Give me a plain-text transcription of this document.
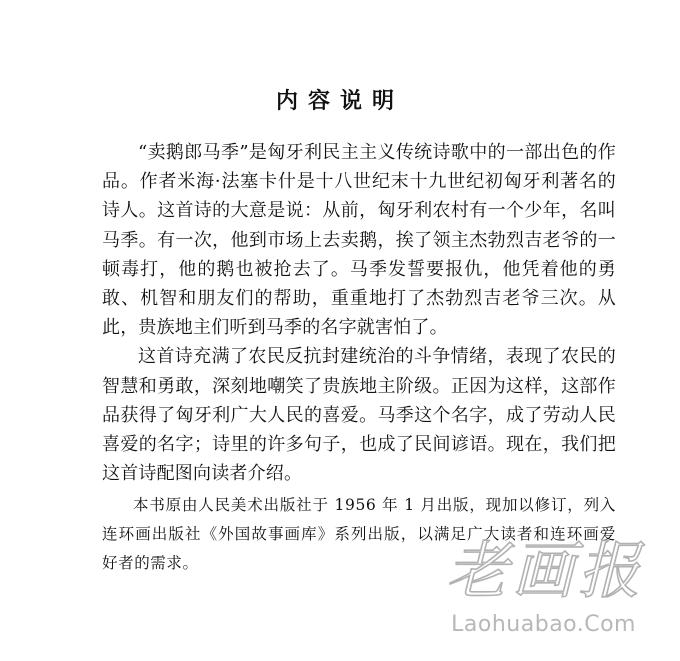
内容说明

“卖鹅郎马季”是匈牙利民主主义传统诗歌中的一部出色的作品。作者米海·法塞卡什是十八世纪末十九世纪初匈牙利著名的诗人。这首诗的大意是说：从前，匈牙利农村有一个少年，名叫马季。有一次，他到市场上去卖鹅，挨了领主杰勃烈吉老爷的一顿毒打，他的鹅也被抢去了。马季发誓要报仇，他凭着他的勇敢、机智和朋友们的帮助，重重地打了杰勃烈吉老爷三次。从此，贵族地主们听到马季的名字就害怕了。

这首诗充满了农民反抗封建统治的斗争情绪，表现了农民的智慧和勇敢，深刻地嘲笑了贵族地主阶级。正因为这样，这部作品获得了匈牙利广大人民的喜爱。马季这个名字，成了劳动人民喜爱的名字；诗里的许多句子，也成了民间谚语。现在，我们把这首诗配图向读者介绍。

本书原由人民美术出版社于 1956 年 1 月出版，现加以修订，列入连环画出版社《外国故事画库》系列出版，以满足广大读者和连环画爱好者的需求。	老画报
Laohuabao.Com
